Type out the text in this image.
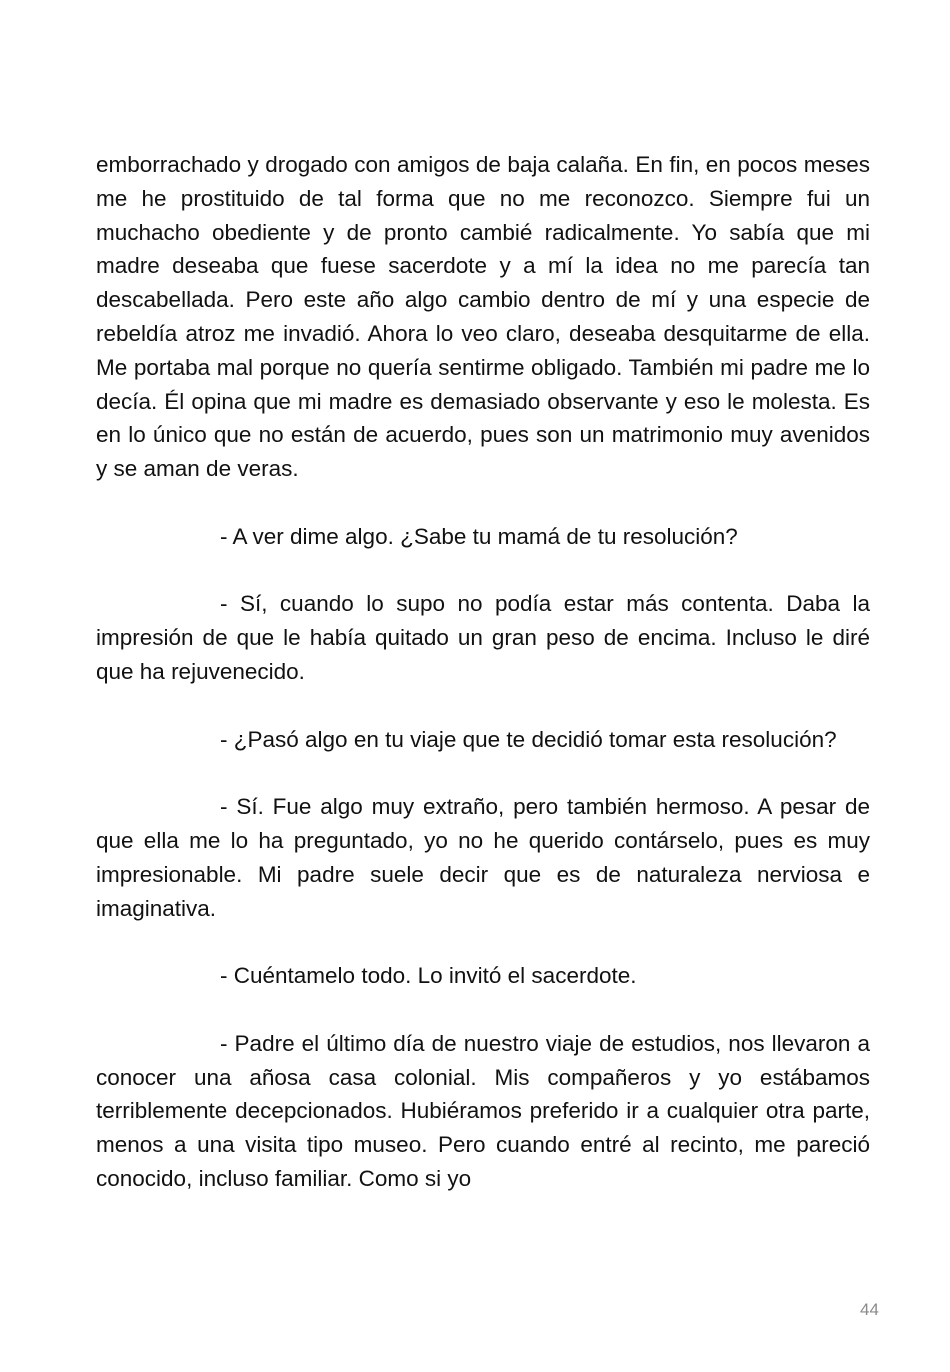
emborrachado y drogado con amigos de baja calaña. En fin, en pocos meses me he prostituido de tal forma que no me reconozco. Siempre fui un muchacho obediente y de pronto cambié radicalmente. Yo sabía que mi madre deseaba que fuese sacerdote y a mí la idea no me parecía tan descabellada. Pero este año algo cambio dentro de mí y una especie de rebeldía atroz me invadió. Ahora lo veo claro, deseaba desquitarme de ella. Me portaba mal porque no quería sentirme obligado. También mi padre me lo decía. Él opina que mi madre es demasiado observante y eso le molesta. Es en lo único que no están de acuerdo, pues son un matrimonio muy avenidos y se aman de veras.

- A ver dime algo. ¿Sabe tu mamá de tu resolución?

- Sí, cuando lo supo no podía estar más contenta. Daba la impresión de que le había quitado un gran peso de encima. Incluso le diré que ha rejuvenecido.

- ¿Pasó algo en tu viaje que te decidió tomar esta resolución?

- Sí. Fue algo muy extraño, pero también hermoso. A pesar de que ella me lo ha preguntado, yo no he querido contárselo, pues es muy impresionable. Mi padre suele decir que es de naturaleza nerviosa e imaginativa.

- Cuéntamelo todo. Lo invitó el sacerdote.

- Padre el último día de nuestro viaje de estudios, nos llevaron a conocer una añosa casa colonial. Mis compañeros y yo estábamos terriblemente decepcionados. Hubiéramos preferido ir a cualquier otra parte, menos a una visita tipo museo. Pero cuando entré al recinto, me pareció conocido, incluso familiar. Como si yo

44
